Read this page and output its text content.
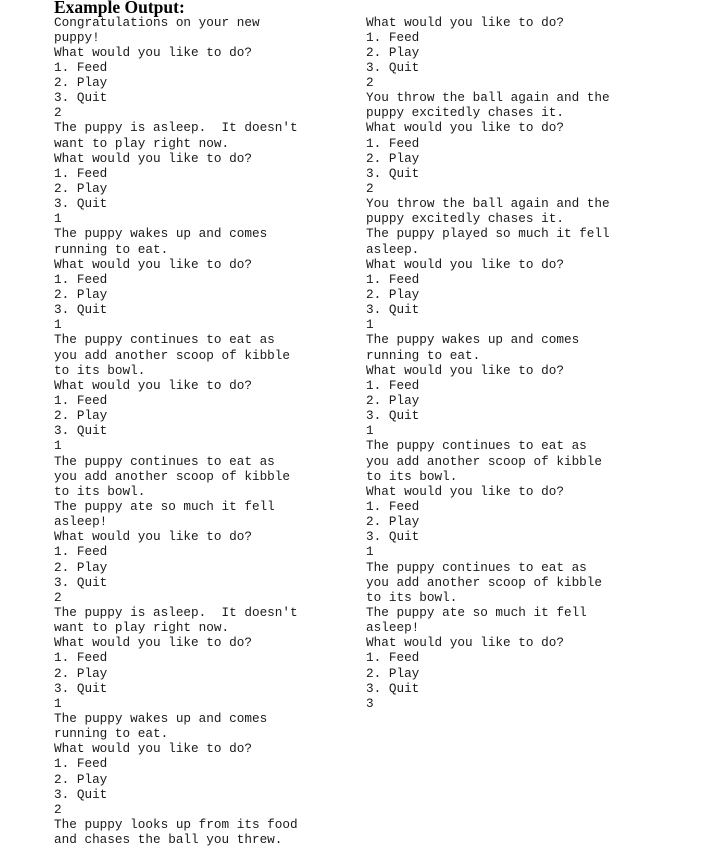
Example Output:
Congratulations on your new
puppy!
What would you like to do?
1. Feed
2. Play
3. Quit
2
The puppy is asleep.  It doesn't
want to play right now.
What would you like to do?
1. Feed
2. Play
3. Quit
1
The puppy wakes up and comes
running to eat.
What would you like to do?
1. Feed
2. Play
3. Quit
1
The puppy continues to eat as
you add another scoop of kibble
to its bowl.
What would you like to do?
1. Feed
2. Play
3. Quit
1
The puppy continues to eat as
you add another scoop of kibble
to its bowl.
The puppy ate so much it fell
asleep!
What would you like to do?
1. Feed
2. Play
3. Quit
2
The puppy is asleep.  It doesn't
want to play right now.
What would you like to do?
1. Feed
2. Play
3. Quit
1
The puppy wakes up and comes
running to eat.
What would you like to do?
1. Feed
2. Play
3. Quit
2
The puppy looks up from its food
and chases the ball you threw.
What would you like to do?
1. Feed
2. Play
3. Quit
2
You throw the ball again and the
puppy excitedly chases it.
What would you like to do?
1. Feed
2. Play
3. Quit
2
You throw the ball again and the
puppy excitedly chases it.
The puppy played so much it fell
asleep.
What would you like to do?
1. Feed
2. Play
3. Quit
1
The puppy wakes up and comes
running to eat.
What would you like to do?
1. Feed
2. Play
3. Quit
1
The puppy continues to eat as
you add another scoop of kibble
to its bowl.
What would you like to do?
1. Feed
2. Play
3. Quit
1
The puppy continues to eat as
you add another scoop of kibble
to its bowl.
The puppy ate so much it fell
asleep!
What would you like to do?
1. Feed
2. Play
3. Quit
3
